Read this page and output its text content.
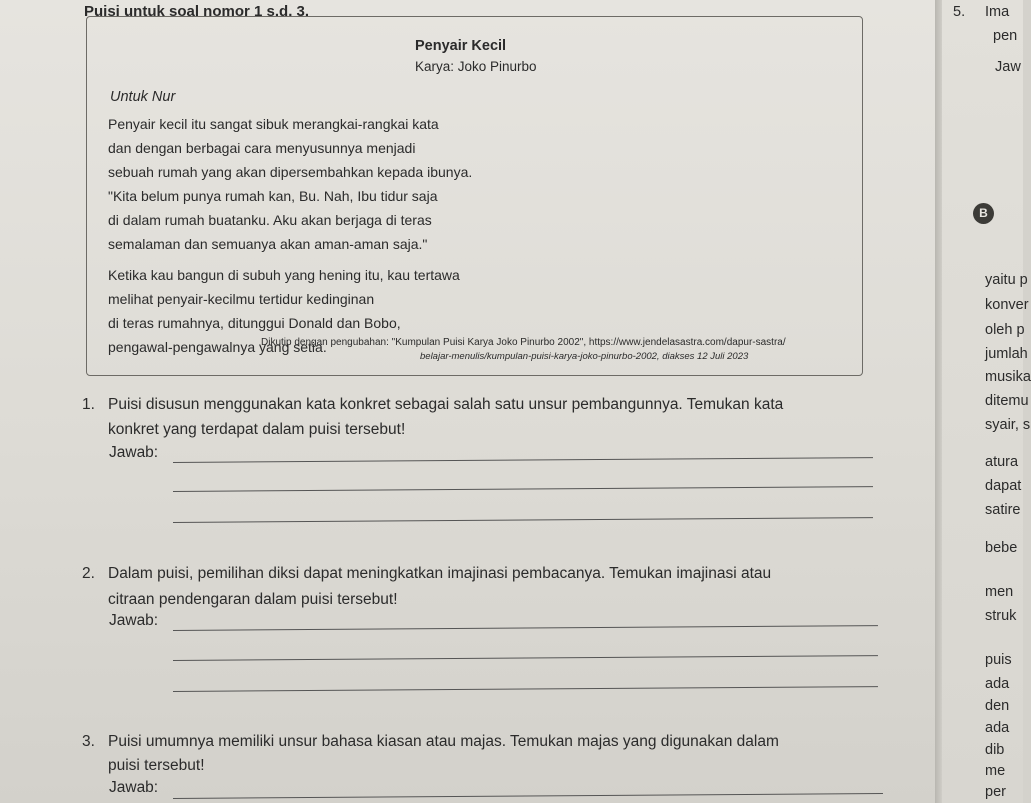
Puisi untuk soal nomor 1 s.d. 3.
Penyair Kecil
Karya: Joko Pinurbo
Untuk Nur
Penyair kecil itu sangat sibuk merangkai-rangkai kata
dan dengan berbagai cara menyusunnya menjadi
sebuah rumah yang akan dipersembahkan kepada ibunya.
"Kita belum punya rumah kan, Bu. Nah, Ibu tidur saja
di dalam rumah buatanku. Aku akan berjaga di teras
semalaman dan semuanya akan aman-aman saja."
Ketika kau bangun di subuh yang hening itu, kau tertawa
melihat penyair-kecilmu tertidur kedinginan
di teras rumahnya, ditunggui Donald dan Bobo,
pengawal-pengawalnya yang setia.
Dikutip dengan pengubahan: "Kumpulan Puisi Karya Joko Pinurbo 2002", https://www.jendelasastra.com/dapur-sastra/
belajar-menulis/kumpulan-puisi-karya-joko-pinurbo-2002, diakses 12 Juli 2023
1. Puisi disusun menggunakan kata konkret sebagai salah satu unsur pembangunnya. Temukan kata
konkret yang terdapat dalam puisi tersebut!
Jawab:
2. Dalam puisi, pemilihan diksi dapat meningkatkan imajinasi pembacanya. Temukan imajinasi atau
citraan pendengaran dalam puisi tersebut!
Jawab:
3. Puisi umumnya memiliki unsur bahasa kiasan atau majas. Temukan majas yang digunakan dalam
puisi tersebut!
Jawab:
5. Ima
B
pen
Jaw
yaitu p
konver
oleh p
jumlah
musika
ditemu
syair, s
atura
dapat
satire
bebe
men
struk
puis
ada
den
ada
dib
me
per
